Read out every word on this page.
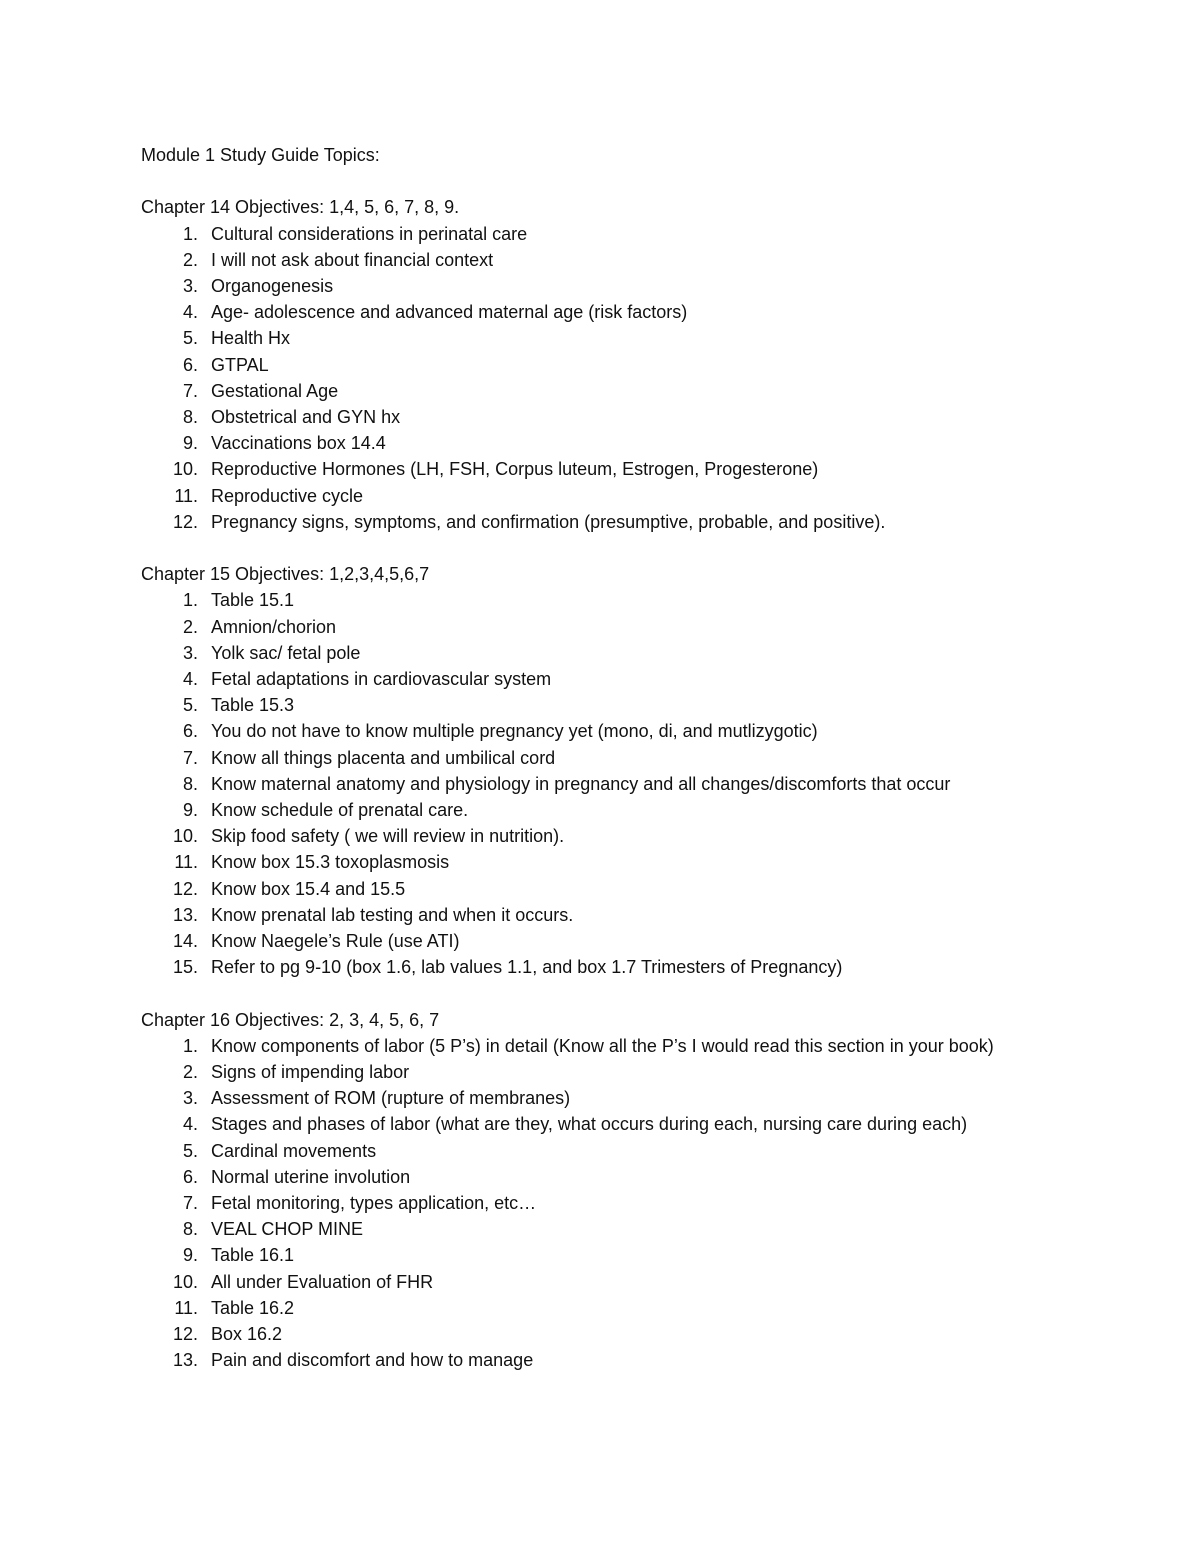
Module 1 Study Guide Topics:

Chapter 14 Objectives: 1,4, 5, 6, 7, 8, 9.

1. Cultural considerations in perinatal care
2. I will not ask about financial context
3. Organogenesis
4. Age- adolescence and advanced maternal age (risk factors)
5. Health Hx
6. GTPAL
7. Gestational Age
8. Obstetrical and GYN hx
9. Vaccinations box 14.4
10. Reproductive Hormones (LH, FSH, Corpus luteum, Estrogen, Progesterone)
11. Reproductive cycle
12. Pregnancy signs, symptoms, and confirmation (presumptive, probable, and positive).

Chapter 15 Objectives: 1,2,3,4,5,6,7

1. Table 15.1
2. Amnion/chorion
3. Yolk sac/ fetal pole
4. Fetal adaptations in cardiovascular system
5. Table 15.3
6. You do not have to know multiple pregnancy yet (mono, di, and mutlizygotic)
7. Know all things placenta and umbilical cord
8. Know maternal anatomy and physiology in pregnancy and all changes/discomforts that occur
9. Know schedule of prenatal care.
10. Skip food safety ( we will review in nutrition).
11. Know box 15.3 toxoplasmosis
12. Know box 15.4 and 15.5
13. Know prenatal lab testing and when it occurs.
14. Know Naegele’s Rule (use ATI)
15. Refer to pg 9-10 (box 1.6, lab values 1.1, and box 1.7 Trimesters of Pregnancy)

Chapter 16 Objectives: 2, 3, 4, 5, 6, 7

1. Know components of labor (5 P’s) in detail (Know all the P’s I would read this section in your book)
2. Signs of impending labor
3. Assessment of ROM (rupture of membranes)
4. Stages and phases of labor (what are they, what occurs during each, nursing care during each)
5. Cardinal movements
6. Normal uterine involution
7. Fetal monitoring, types application, etc…
8. VEAL CHOP MINE
9. Table 16.1
10. All under Evaluation of FHR
11. Table 16.2
12. Box 16.2
13. Pain and discomfort and how to manage
